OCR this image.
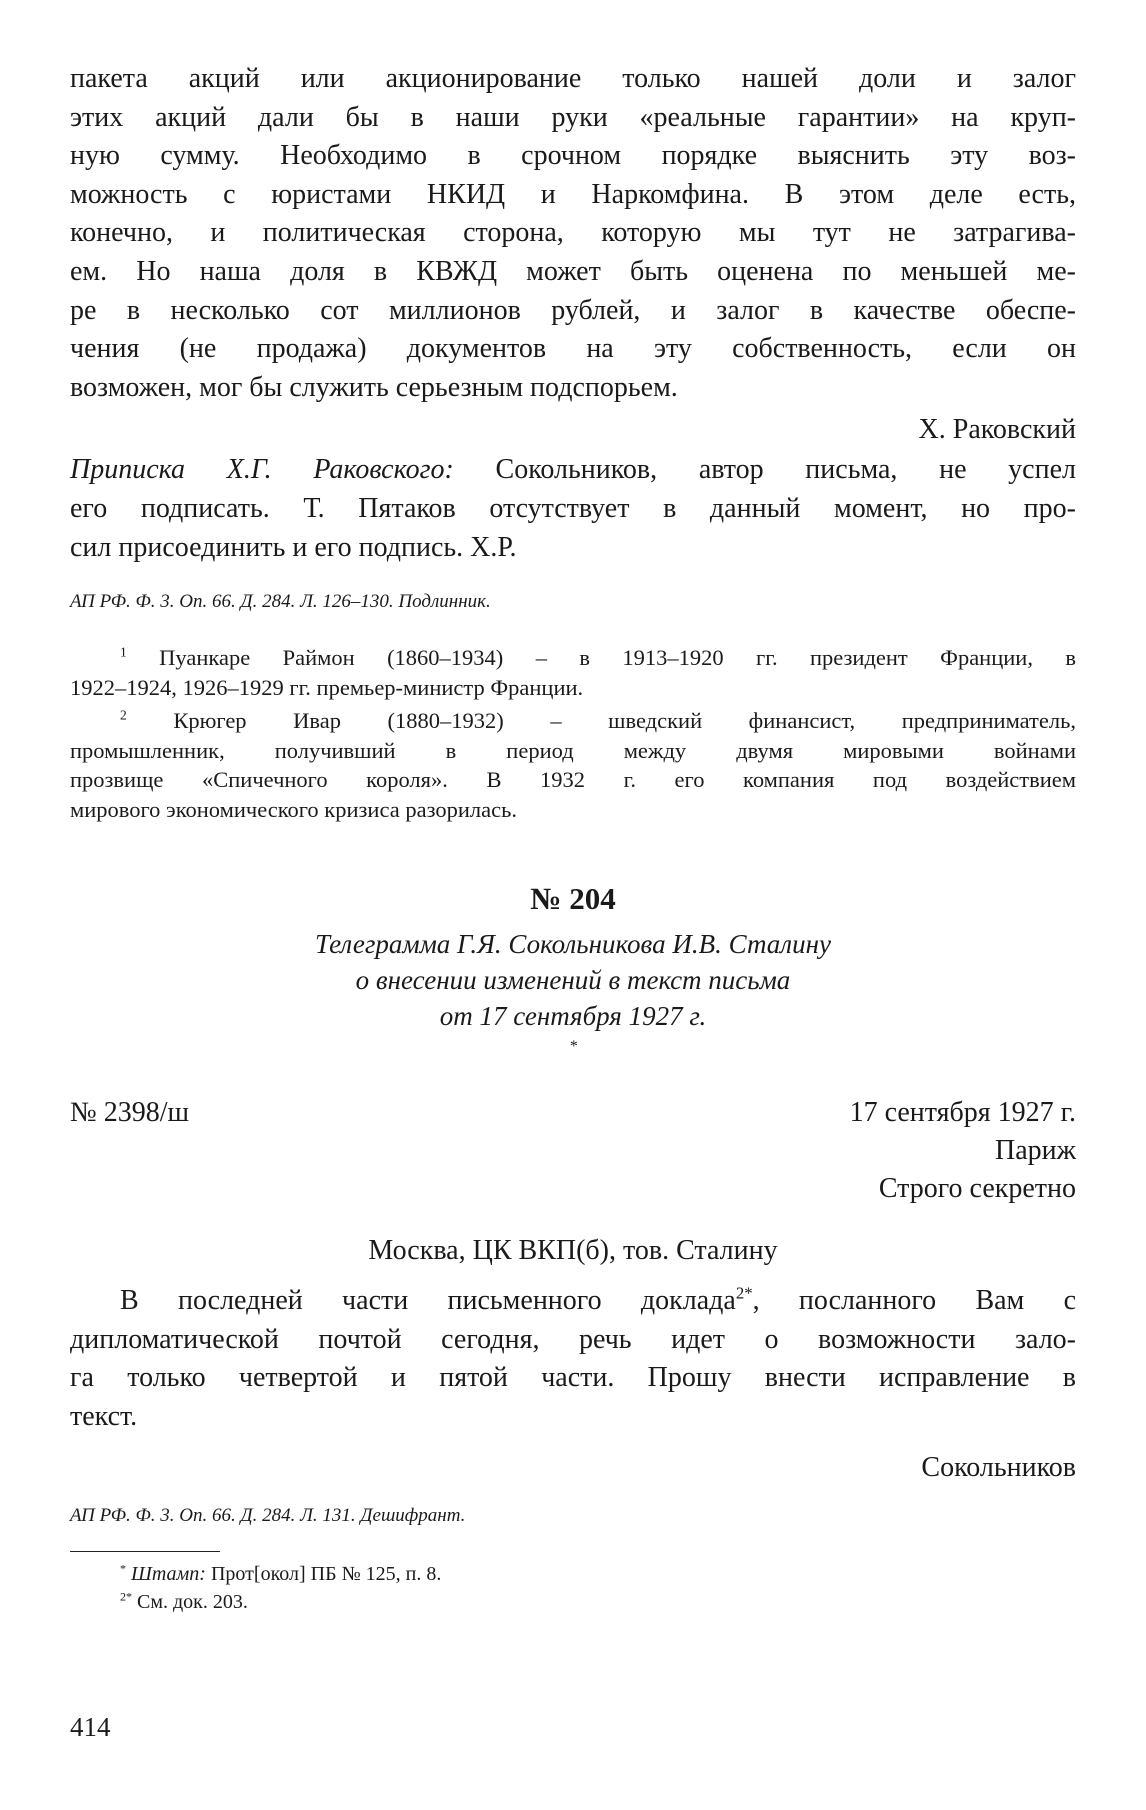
пакета акций или акционирование только нашей доли и залог
этих акций дали бы в наши руки «реальные гарантии» на круп-
ную сумму. Необходимо в срочном порядке выяснить эту воз-
можность с юристами НКИД и Наркомфина. В этом деле есть,
конечно, и политическая сторона, которую мы тут не затрагива-
ем. Но наша доля в КВЖД может быть оценена по меньшей ме-
ре в несколько сот миллионов рублей, и залог в качестве обеспе-
чения (не продажа) документов на эту собственность, если он
возможен, мог бы служить серьезным подспорьем.
Х. Раковский
Приписка Х.Г. Раковского: Сокольников, автор письма, не успел
его подписать. Т. Пятаков отсутствует в данный момент, но про-
сил присоединить и его подпись. Х.Р.
АП РФ. Ф. 3. Оп. 66. Д. 284. Л. 126–130. Подлинник.
$^1$ Пуанкаре Раймон (1860–1934) – в 1913–1920 гг. президент Франции, в
1922–1924, 1926–1929 гг. премьер-министр Франции.
$^2$ Крюгер Ивар (1880–1932) – шведский финансист, предприниматель,
промышленник, получивший в период между двумя мировыми войнами
прозвище «Спичечного короля». В 1932 г. его компания под воздействием
мирового экономического кризиса разорилась.
№ 204
Телеграмма Г.Я. Сокольникова И.В. Сталину
о внесении изменений в текст письма
от 17 сентября 1927 г.
*
№ 2398/ш	17 сентября 1927 г.
Париж
Строго секретно
Москва, ЦК ВКП(б), тов. Сталину
В последней части письменного доклада$^{2*}$, посланного Вам с
дипломатической почтой сегодня, речь идет о возможности зало-
га только четвертой и пятой части. Прошу внести исправление в
текст.
Сокольников
АП РФ. Ф. 3. Оп. 66. Д. 284. Л. 131. Дешифрант.
* Штамп: Прот[окол] ПБ № 125, п. 8.
$^{2*}$ См. док. 203.
414
